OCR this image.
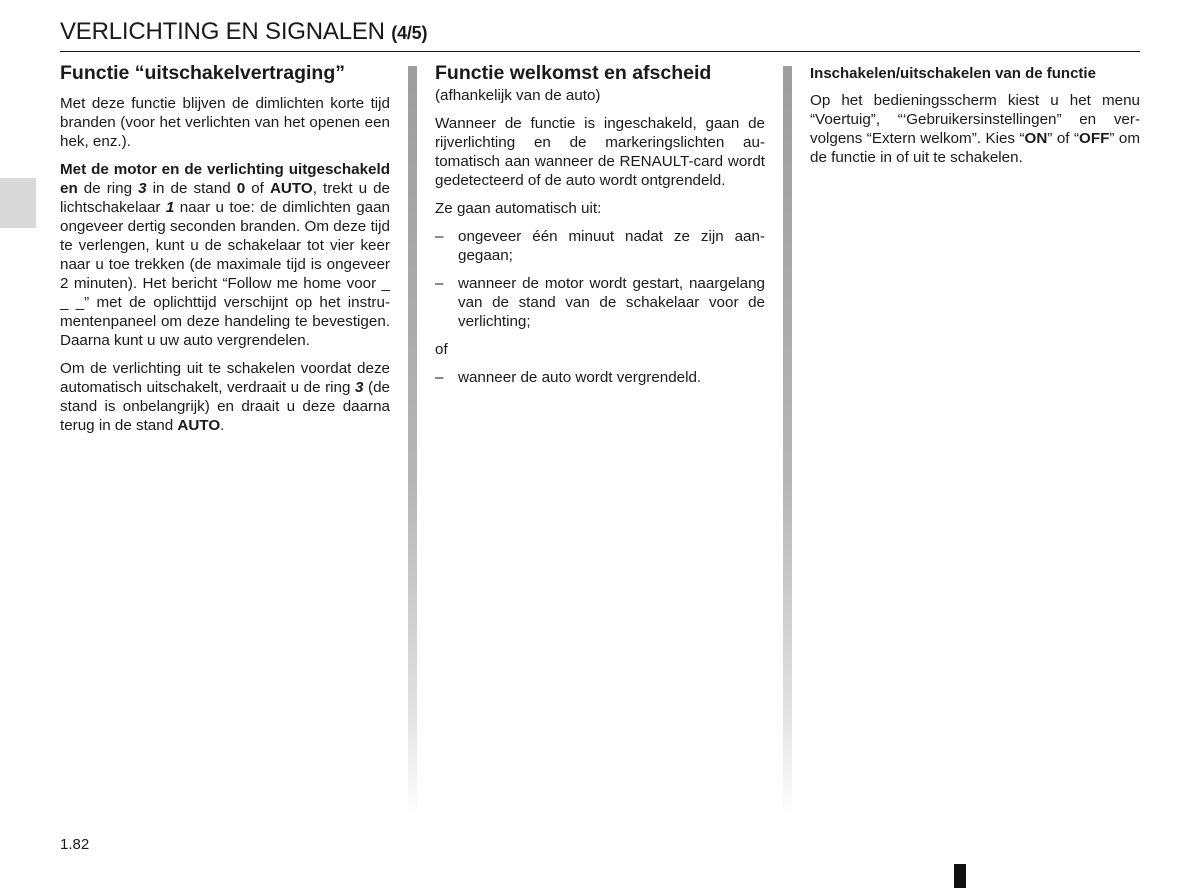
VERLICHTING EN SIGNALEN (4/5)
Functie “uitschakelvertraging”

Met deze functie blijven de dimlichten korte tijd branden (voor het verlichten van het openen een hek, enz.).

Met de motor en de verlichting uitgeschakeld en de ring 3 in de stand 0 of AUTO, trekt u de lichtschakelaar 1 naar u toe: de dimlichten gaan ongeveer dertig seconden branden. Om deze tijd te verlengen, kunt u de schakelaar tot vier keer naar u toe trekken (de maximale tijd is ongeveer 2 minuten). Het bericht “Follow me home voor _ _ _” met de oplichttijd verschijnt op het instrumentenpaneel om deze handeling te bevestigen. Daarna kunt u uw auto vergrendelen.

Om de verlichting uit te schakelen voordat deze automatisch uitschakelt, verdraait u de ring 3 (de stand is onbelangrijk) en draait u deze daarna terug in de stand AUTO.

Functie welkomst en afscheid

(afhankelijk van de auto)

Wanneer de functie is ingeschakeld, gaan de rijverlichting en de markeringslichten automatisch aan wanneer de RENAULT-card wordt gedetecteerd of de auto wordt ontgrendeld.

Ze gaan automatisch uit:

– ongeveer één minuut nadat ze zijn aangegaan;
– wanneer de motor wordt gestart, naargelang van de stand van de schakelaar voor de verlichting;

of

– wanneer de auto wordt vergrendeld.
Inschakelen/uitschakelen van de functie

Op het bedieningsscherm kiest u het menu “Voertuig”, “‘Gebruikersinstellingen” en vervolgens “Extern welkom”. Kies “ON” of “OFF” om de functie in of uit te schakelen.

1.82
